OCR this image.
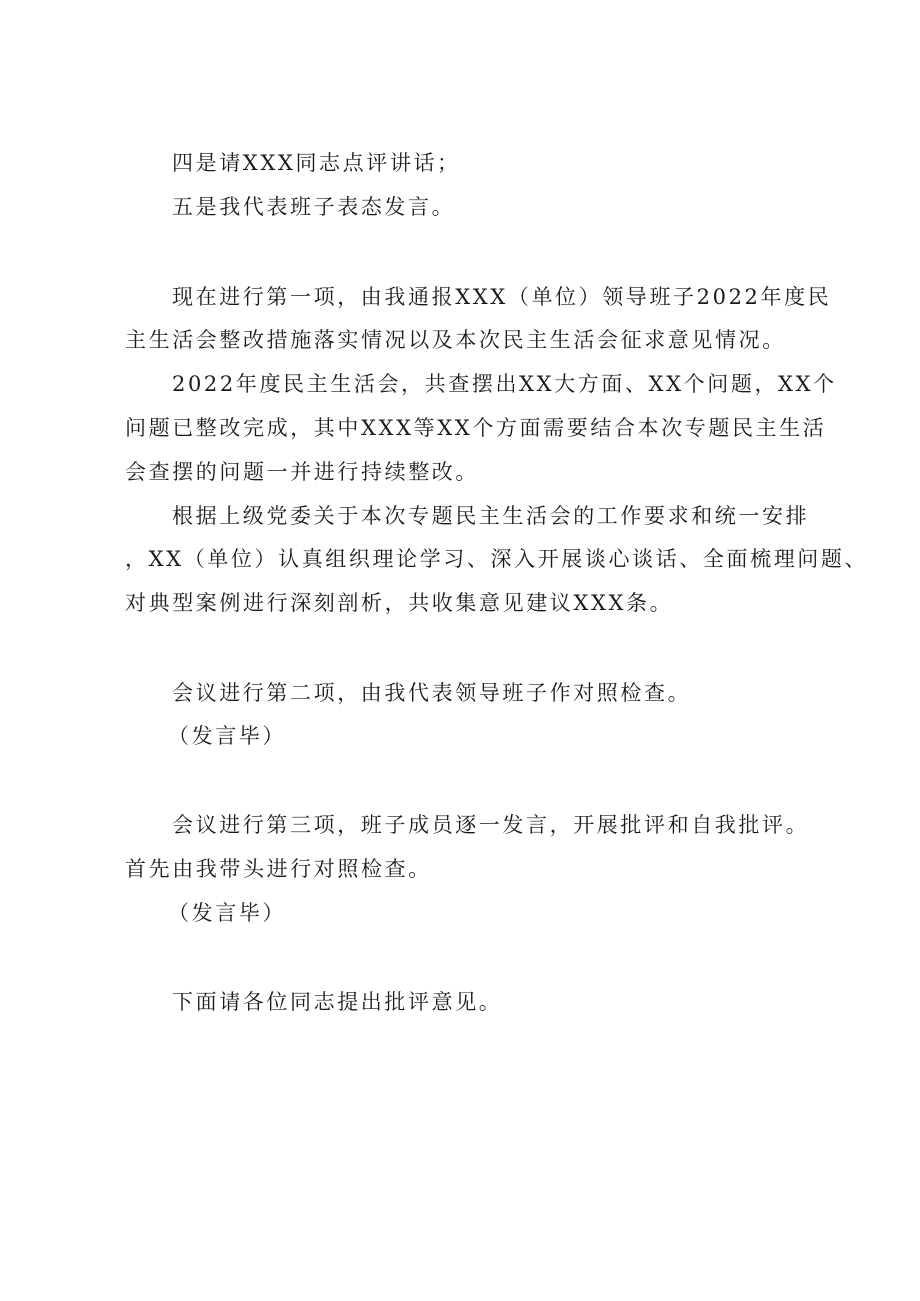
四是请XXX同志点评讲话；

五是我代表班子表态发言。

现在进行第一项，由我通报XXX（单位）领导班子2022年度民

主生活会整改措施落实情况以及本次民主生活会征求意见情况。

2022年度民主生活会，共查摆出XX大方面、XX个问题，XX个

问题已整改完成，其中XXX等XX个方面需要结合本次专题民主生活

会查摆的问题一并进行持续整改。

根据上级党委关于本次专题民主生活会的工作要求和统一安排

，XX（单位）认真组织理论学习、深入开展谈心谈话、全面梳理问题、

对典型案例进行深刻剖析，共收集意见建议XXX条。

会议进行第二项，由我代表领导班子作对照检查。

（发言毕）

会议进行第三项，班子成员逐一发言，开展批评和自我批评。

首先由我带头进行对照检查。

（发言毕）

下面请各位同志提出批评意见。
